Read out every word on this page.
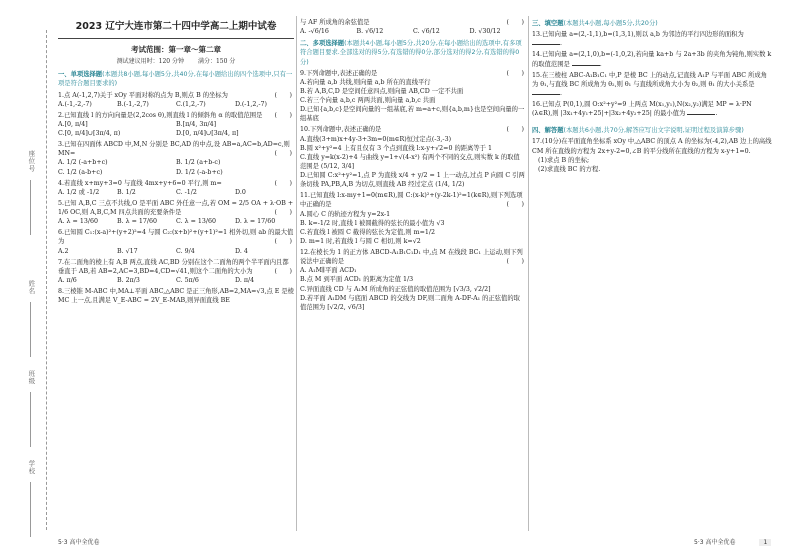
座位号
姓名
班级
学校
2023 辽宁大连市第二十四中学高二上期中试卷
考试范围：第一章～第二章
测试建议用时：120 分钟 满分：150 分
一、单项选择题(本题共8小题,每小题5分,共40分,在每小题给出的四个选项中,只有一项是符合题目要求的)
1.点 A(-1,2,7)关于 xOy 平面对称的点为 B,则点 B 的坐标为	(　　)
A.(-1,-2,-7)	B.(-1,-2,7)	C.(1,2,-7)	D.(-1,2,-7)
2.已知直线 l 的方向向量是(2,2cos θ),则直线 l 的倾斜角 α 的取值范围是 (　　)
A.[0, π/4]	B.[π/4, 3π/4]
C.[0, π/4]∪[3π/4, π)	D.[0, π/4]∪[3π/4, π]
3.已知在四面体 ABCD 中,M,N 分别是 BC,AD 的中点,设 AB=a,AC=b,AD=c,则 MN=	(　　)
A. 1/2 (-a+b+c)	B. 1/2 (a+b-c)
C. 1/2 (a-b+c)	D. 1/2 (-a-b+c)
4.若直线 x+my+3=0 与直线 4mx+y+6=0 平行,则 m=	(　　)
A. 1/2 或 -1/2	B. 1/2	C. -1/2	D.0
5.已知 A,B,C 三点不共线,O 是平面 ABC 外任意一点,若 OM = 2/5 OA + λ·OB + 1/6 OC,则 A,B,C,M 四点共面的充要条件是	(　　)
A. λ = 13/60	B. λ = 17/60	C. λ = 13/60	D. λ = 17/60
6.已知圆 C₁:(x-a)²+(y+2)²=4 与圆 C₂:(x+b)²+(y+1)²=1 相外切,则 ab 的最大值为	(　　)
A.2	B. √17	C. 9/4	D. 4
7.在二面角的棱上有 A,B 两点,直线 AC,BD 分别在这个二面角的两个半平面内且都垂直于 AB,若 AB=2,AC=3,BD=4,CD=√41,则这个二面角的大小为	(　　)
A. π/6	B. 2π/3	C. 5π/6	D. π/4
8.三棱锥 M-ABC 中,MA⊥平面 ABC,△ABC 是正三角形,AB=2,MA=√3,点 E 是棱 MC 上一点,且满足 V_E-ABC = 2V_E-MAB,则异面直线 BE
与 AF 所成角的余弦值是	(　　)
A. -√6/16	B. √6/12	C. √6/12	D. √30/12
二、多项选择题(本题共4小题,每小题5分,共20分,在每小题给出的选项中,有多项符合题目要求.全部选对的得5分,有选错的得0分,部分选对的得2分,有选错的得0分)
9.下列命题中,表述正确的是	(　　)
A.若向量 a,b 共线,则向量 a,b 所在的直线平行
B.若 A,B,C,D 是空间任意四点,则向量 AB,CD 一定不共面
C.若三个向量 a,b,c 两两共面,则向量 a,b,c 共面
D.已知{a,b,c}是空间向量的一组基底,若 m=a+c,则{a,b,m}也是空间向量的一组基底
10.下列命题中,表述正确的是	(　　)
A.直线(3+m)x+4y-3+3m=0(m∈R)恒过定点(-3,-3)
B.圆 x²+y²=4 上有且仅有 3 个点到直线 l:x-y+√2=0 的距离等于 1
C.直线 y=k(x-2)+4 与曲线 y=1+√(4-x²) 有两个不同的交点,则实数 k 的取值范围是 (5/12, 3/4]
D.已知圆 C:x²+y²=1,点 P 为直线 x/4 + y/2 = 1 上一动点,过点 P 向圆 C 引两条切线 PA,PB,A,B 为切点,则直线 AB 经过定点 (1/4, 1/2)
11.已知直线 l:x-my+1=0(m∈R),圆 C:(x-k)²+(y-2k-1)²=1(k∈R),则下列选项中正确的是	(　　)
A.圆心 C 的轨迹方程为 y=2x-1
B. k=-1/2 时,直线 l 被圆截得的弦长的最小值为 √3
C.若直线 l 被圆 C 截得的弦长为定值,则 m=1/2
D. m=1 时,若直线 l 与圆 C 相切,则 k=√2
12.在棱长为 1 的正方体 ABCD-A₁B₁C₁D₁ 中,点 M 在线段 BC₁ 上运动,则下列说法中正确的是	(　　)
A. A₁M∥平面 ACD₁
B.点 M 到平面 ACD₁ 的距离为定值 1/3
C.异面直线 CD 与 A₁M 所成角的正弦值的取值范围为 [√3/3, √2/2]
D.若平面 A₁DM 与底面 ABCD 的交线为 DF,则二面角 A-DF-A₁ 的正弦值的取值范围为 [√2/2, √6/3]
三、填空题(本题共4小题,每小题5分,共20分)
13.已知向量 a=(2,-1,1),b=(1,3,1),则以 a,b 为邻边的平行四边形的面积为 .
14.已知向量 a=(2,1,0),b=(-1,0,2),若向量 ka+b 与 2a+3b 的夹角为钝角,则实数 k 的取值范围是	.
15.在三棱柱 ABC-A₁B₁C₁ 中,P 是棱 BC 上的动点,记直线 A₁P 与平面 ABC 所成角为 θ₁,与直线 BC 所成角为 θ₂,则 θ₁ 与直线所成角大小为 θ₂,则 θ₁ 的大小关系是 .
16.已知点 P(0,1),圆 O:x²+y²=9 上两点 M(x₁,y₁),N(x₂,y₂)满足 MP = λ·PN (λ∈R),则 |3x₁+4y₁+25|+|3x₂+4y₂+25| 的最小值为	.
四、解答题(本题共6小题,共70分,解答应写出文字说明,证明过程及演算步骤)
17.(10分)在平面直角坐标系 xOy 中,△ABC 的顶点 A 的坐标为(-4,2),AB 边上的高线 CM 所在直线的方程为 2x+y-2=0,∠B 的平分线所在直线的方程为 x-y+1=0.
(1)求点 B 的坐标;
(2)求直线 BC 的方程.
5·3 高中全优卷	5·3 高中全优卷	1
